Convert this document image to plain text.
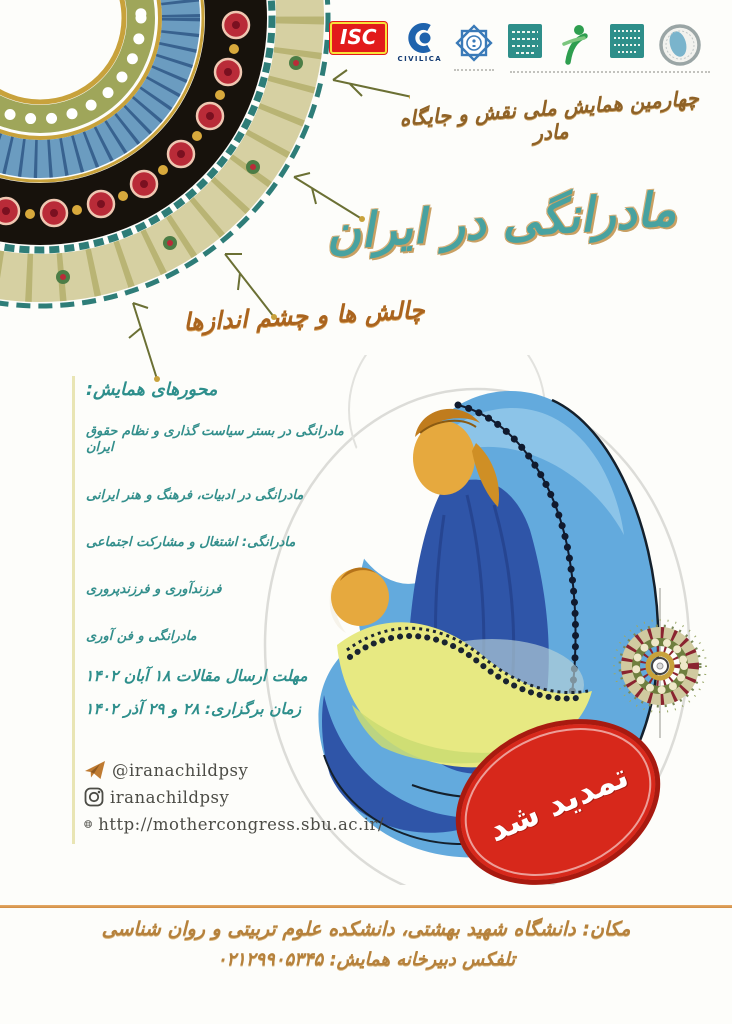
ISC
CIVILICA
چهارمین همایش ملی نقش و جایگاه مادر
مادرانگی در ایران
چالش ها و چشم اندازها
محورهای همایش:
مادرانگی در بستر سیاست گذاری و نظام حقوق ایران
مادرانگی در ادبیات، فرهنگ و هنر ایرانی
مادرانگی: اشتغال و مشارکت اجتماعی
فرزندآوری و فرزندپروری
مادرانگی و فن آوری
مهلت ارسال مقالات ۱۸ آبان ۱۴۰۲
زمان برگزاری: ۲۸ و ۲۹ آذر ۱۴۰۲
@iranachildpsy
iranachildpsy
http://mothercongress.sbu.ac.ir/	تمدید شد
مکان: دانشگاه شهید بهشتی، دانشکده علوم تربیتی و روان شناسی
تلفکس دبیرخانه همایش: ۰۲۱۲۹۹۰۵۳۴۵
